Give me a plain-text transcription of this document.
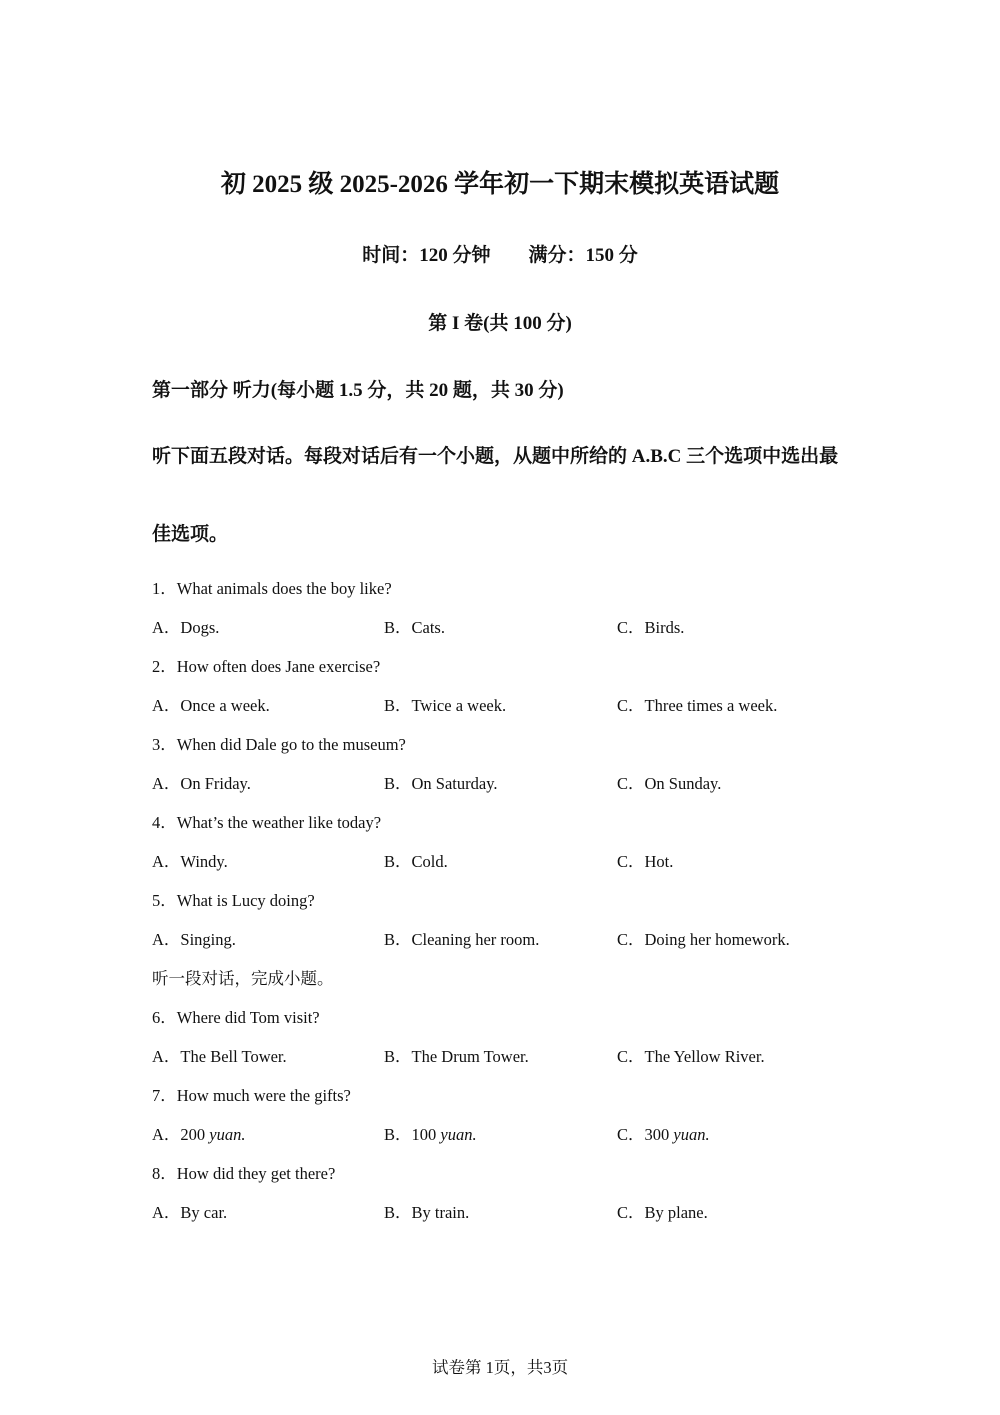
初 2025 级 2025-2026 学年初一下期末模拟英语试题
时间：120 分钟        满分：150 分
第 I 卷(共 100 分)
第一部分 听力(每小题 1.5 分，共 20 题，共 30 分)
听下面五段对话。每段对话后有一个小题，从题中所给的 A.B.C 三个选项中选出最佳选项。
1．What animals does the boy like?
A．Dogs.	B．Cats.	C．Birds.
2．How often does Jane exercise?
A．Once a week.	B．Twice a week.	C．Three times a week.
3．When did Dale go to the museum?
A．On Friday.	B．On Saturday.	C．On Sunday.
4．What’s the weather like today?
A．Windy.	B．Cold.	C．Hot.
5．What is Lucy doing?
A．Singing.	B．Cleaning her room.	C．Doing her homework.
听一段对话，完成小题。
6．Where did Tom visit?
A．The Bell Tower.	B．The Drum Tower.	C．The Yellow River.
7．How much were the gifts?
A．200 yuan.	B．100 yuan.	C．300 yuan.
8．How did they get there?
A．By car.	B．By train.	C．By plane.
试卷第 1页，共3页
